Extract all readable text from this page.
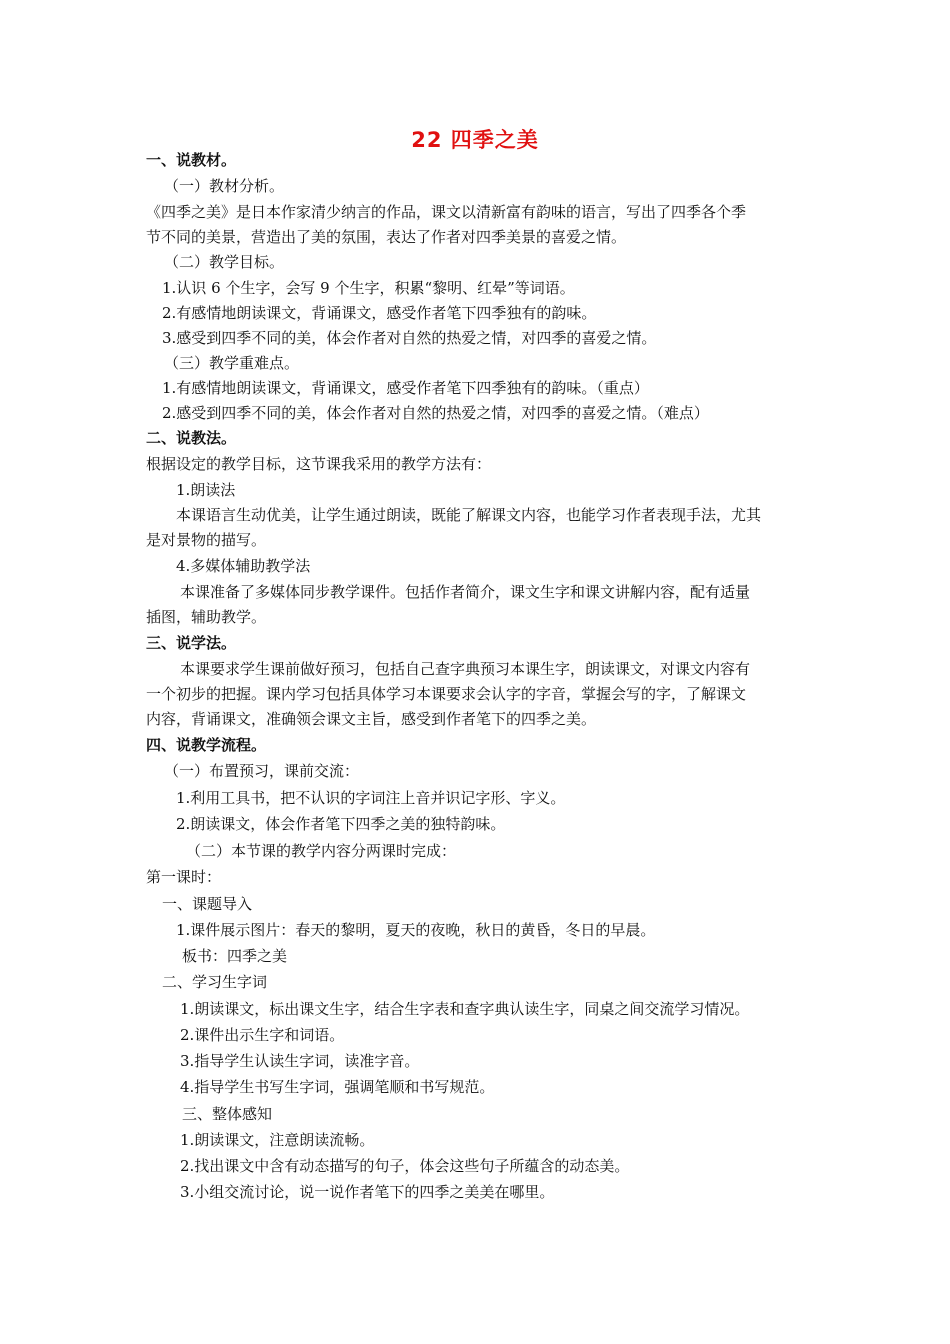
22 四季之美
一、说教材。
（一）教材分析。
《四季之美》是日本作家清少纳言的作品，课文以清新富有韵味的语言，写出了四季各个季
节不同的美景，营造出了美的氛围，表达了作者对四季美景的喜爱之情。
（二）教学目标。
1.认识 6 个生字，会写 9 个生字，积累“黎明、红晕”等词语。
2.有感情地朗读课文，背诵课文，感受作者笔下四季独有的韵味。
3.感受到四季不同的美，体会作者对自然的热爱之情，对四季的喜爱之情。
（三）教学重难点。
1.有感情地朗读课文，背诵课文，感受作者笔下四季独有的韵味。（重点）
2.感受到四季不同的美，体会作者对自然的热爱之情，对四季的喜爱之情。（难点）
二、说教法。
根据设定的教学目标，这节课我采用的教学方法有：
1.朗读法
本课语言生动优美，让学生通过朗读，既能了解课文内容，也能学习作者表现手法，尤其
是对景物的描写。
4.多媒体辅助教学法
本课准备了多媒体同步教学课件。包括作者简介，课文生字和课文讲解内容，配有适量
插图，辅助教学。
三、说学法。
本课要求学生课前做好预习，包括自己查字典预习本课生字，朗读课文，对课文内容有
一个初步的把握。课内学习包括具体学习本课要求会认字的字音，掌握会写的字，了解课文
内容，背诵课文，准确领会课文主旨，感受到作者笔下的四季之美。
四、说教学流程。
（一）布置预习，课前交流：
1.利用工具书，把不认识的字词注上音并识记字形、字义。
2.朗读课文，体会作者笔下四季之美的独特韵味。
（二）本节课的教学内容分两课时完成：
第一课时：
一、课题导入
1.课件展示图片：春天的黎明，夏天的夜晚，秋日的黄昏，冬日的早晨。
板书：四季之美
二、学习生字词
1.朗读课文，标出课文生字，结合生字表和查字典认读生字，同桌之间交流学习情况。
2.课件出示生字和词语。
3.指导学生认读生字词，读准字音。
4.指导学生书写生字词，强调笔顺和书写规范。
三、整体感知
1.朗读课文，注意朗读流畅。
2.找出课文中含有动态描写的句子，体会这些句子所蕴含的动态美。
3.小组交流讨论，说一说作者笔下的四季之美美在哪里。
